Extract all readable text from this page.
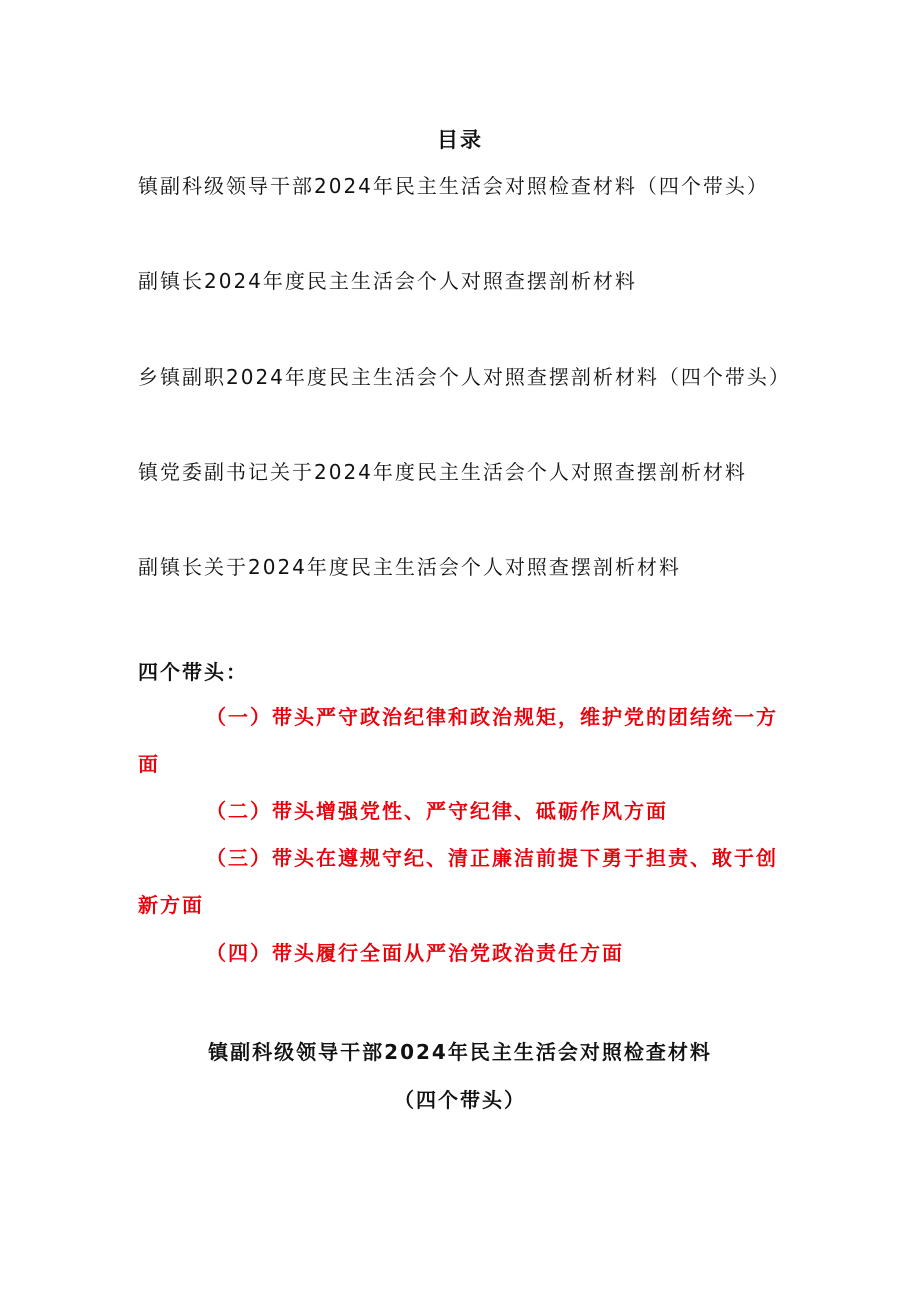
目录
镇副科级领导干部2024年民主生活会对照检查材料（四个带头）
副镇长2024年度民主生活会个人对照查摆剖析材料
乡镇副职2024年度民主生活会个人对照查摆剖析材料（四个带头）
镇党委副书记关于2024年度民主生活会个人对照查摆剖析材料
副镇长关于2024年度民主生活会个人对照查摆剖析材料
四个带头：
（一）带头严守政治纪律和政治规矩，维护党的团结统一方面
（二）带头增强党性、严守纪律、砥砺作风方面
（三）带头在遵规守纪、清正廉洁前提下勇于担责、敢于创新方面
（四）带头履行全面从严治党政治责任方面
镇副科级领导干部2024年民主生活会对照检查材料
（四个带头）
